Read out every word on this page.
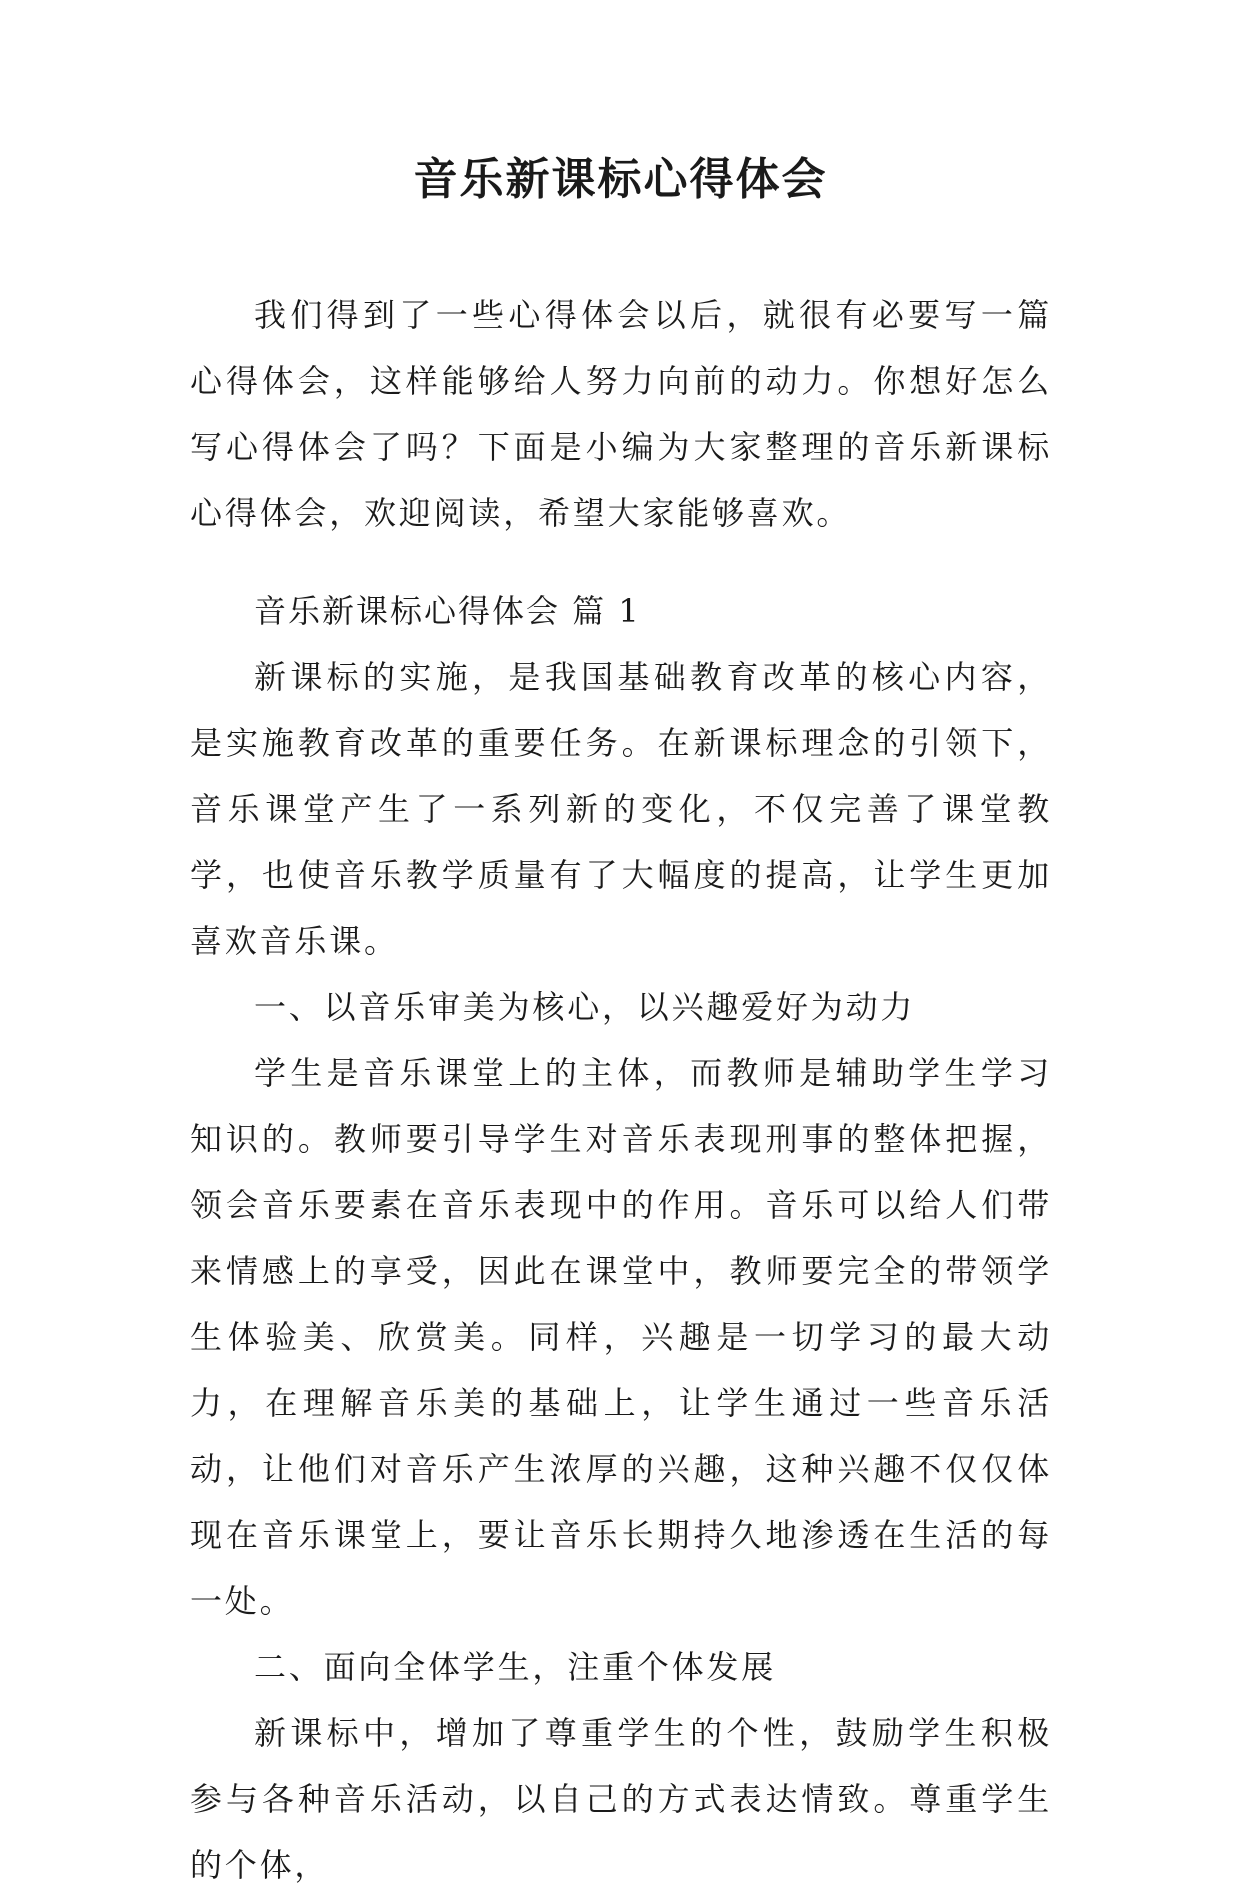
音乐新课标心得体会

我们得到了一些心得体会以后，就很有必要写一篇心得体会，这样能够给人努力向前的动力。你想好怎么写心得体会了吗？下面是小编为大家整理的音乐新课标心得体会，欢迎阅读，希望大家能够喜欢。

音乐新课标心得体会 篇 1

新课标的实施，是我国基础教育改革的核心内容，是实施教育改革的重要任务。在新课标理念的引领下，音乐课堂产生了一系列新的变化，不仅完善了课堂教学，也使音乐教学质量有了大幅度的提高，让学生更加喜欢音乐课。

一、以音乐审美为核心，以兴趣爱好为动力

学生是音乐课堂上的主体，而教师是辅助学生学习知识的。教师要引导学生对音乐表现刑事的整体把握，领会音乐要素在音乐表现中的作用。音乐可以给人们带来情感上的享受，因此在课堂中，教师要完全的带领学生体验美、欣赏美。同样，兴趣是一切学习的最大动力，在理解音乐美的基础上，让学生通过一些音乐活动，让他们对音乐产生浓厚的兴趣，这种兴趣不仅仅体现在音乐课堂上，要让音乐长期持久地渗透在生活的每一处。

二、面向全体学生，注重个体发展

新课标中，增加了尊重学生的个性，鼓励学生积极参与各种音乐活动，以自己的方式表达情致。尊重学生的个体，
